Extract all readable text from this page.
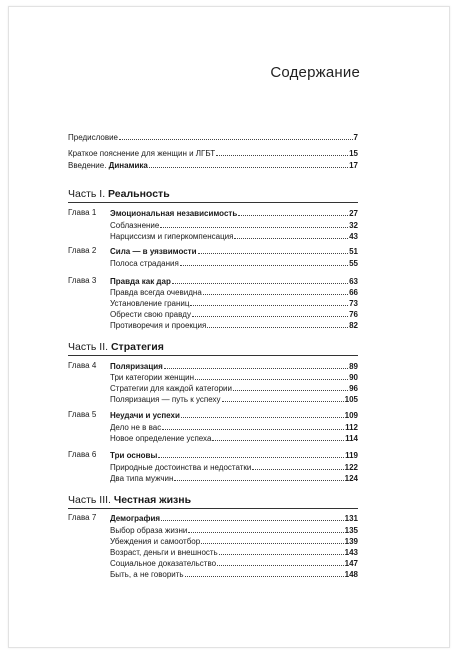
Содержание
Предисловие	7
Краткое пояснение для женщин и ЛГБТ	15
Введение. Динамика	17
Часть I. Реальность
Глава 1 Эмоциональная независимость	27
Соблазнение	32
Нарциссизм и гиперкомпенсация	43
Глава 2 Сила — в уязвимости	51
Полоса страдания	55
Глава 3 Правда как дар	63
Правда всегда очевидна	66
Установление границ	73
Обрести свою правду	76
Противоречия и проекция	82
Часть II. Стратегия
Глава 4 Поляризация	89
Три категории женщин	90
Стратегии для каждой категории	96
Поляризация — путь к успеху	105
Глава 5 Неудачи и успехи	109
Дело не в вас	112
Новое определение успеха	114
Глава 6 Три основы	119
Природные достоинства и недостатки	122
Два типа мужчин	124
Часть III. Честная жизнь
Глава 7 Демография	131
Выбор образа жизни	135
Убеждения и самоотбор	139
Возраст, деньги и внешность	143
Социальное доказательство	147
Быть, а не говорить	148
